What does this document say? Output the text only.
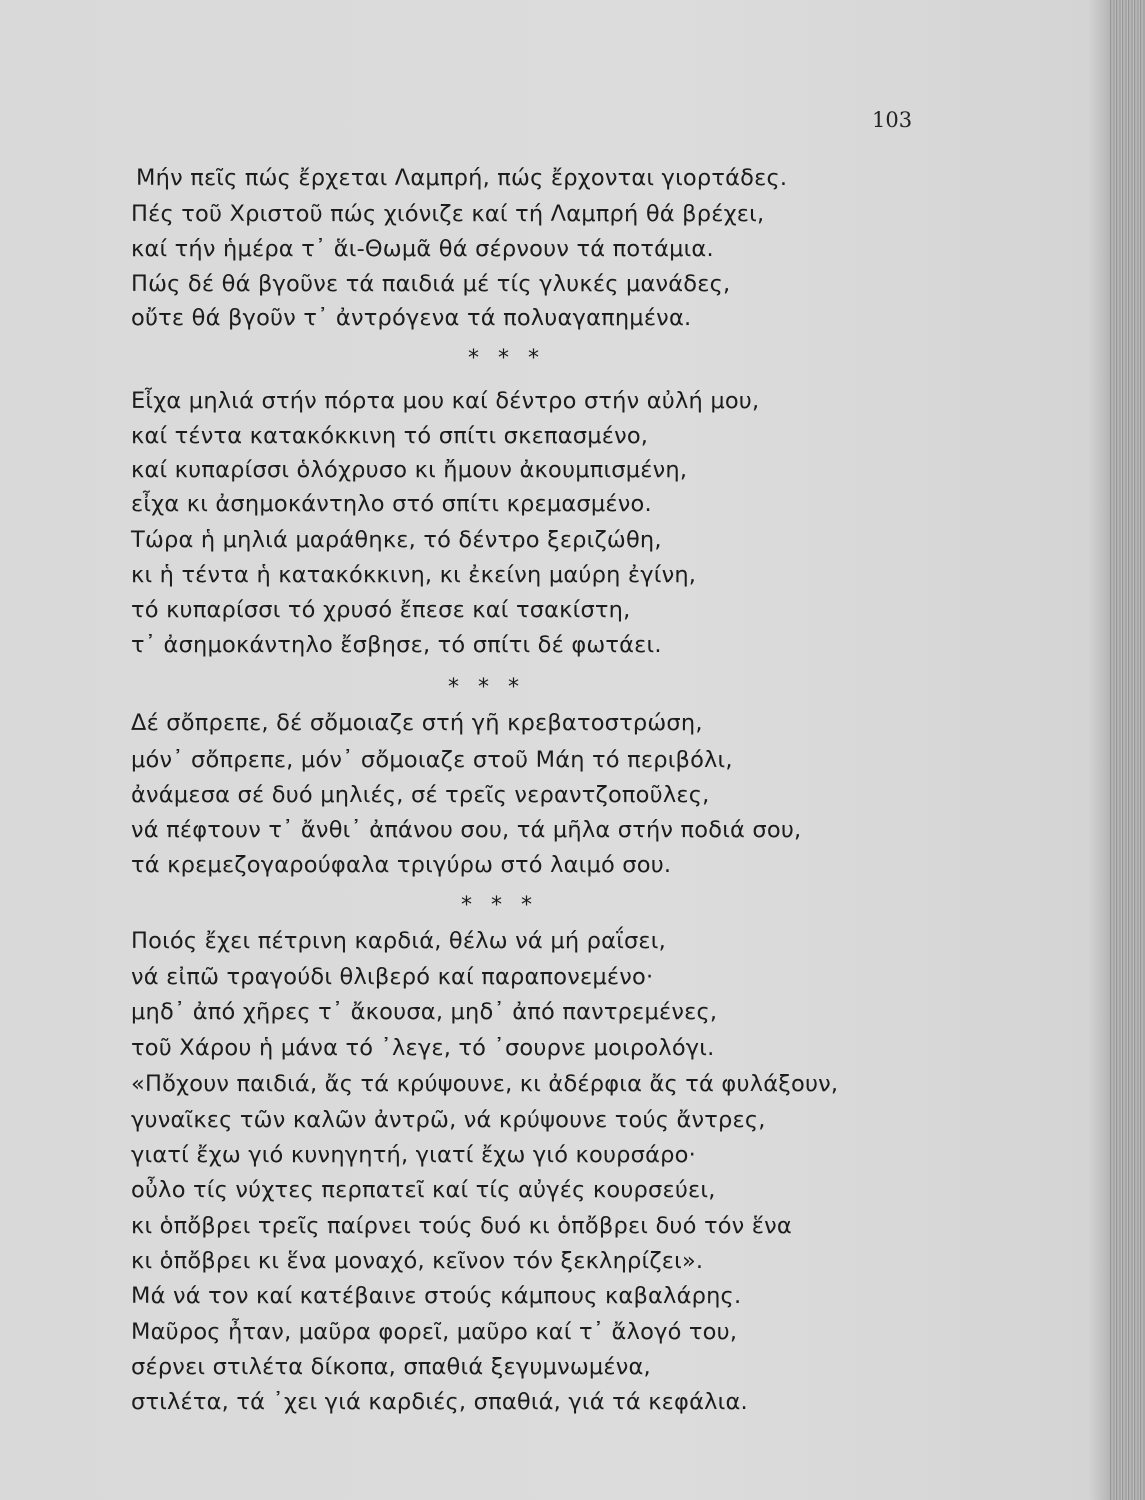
103
Μήν πεῖς πώς ἔρχεται Λαμπρή, πώς ἔρχονται γιορτάδες.
Πές τοῦ Χριστοῦ πώς χιόνιζε καί τή Λαμπρή θά βρέχει,
καί τήν ἡμέρα τ᾽ ἅι-Θωμᾶ θά σέρνουν τά ποτάμια.
Πώς δέ θά βγοῦνε τά παιδιά μέ τίς γλυκές μανάδες,
οὔτε θά βγοῦν τ᾽ ἀντρόγενα τά πολυαγαπημένα.
* * *
Εἶχα μηλιά στήν πόρτα μου καί δέντρο στήν αὐλή μου,
καί τέντα κατακόκκινη τό σπίτι σκεπασμένο,
καί κυπαρίσσι ὁλόχρυσο κι ἤμουν ἀκουμπισμένη,
εἶχα κι ἀσημοκάντηλο στό σπίτι κρεμασμένο.
Τώρα ἡ μηλιά μαράθηκε, τό δέντρο ξεριζώθη,
κι ἡ τέντα ἡ κατακόκκινη, κι ἐκείνη μαύρη ἐγίνη,
τό κυπαρίσσι τό χρυσό ἔπεσε καί τσακίστη,
τ᾽ ἀσημοκάντηλο ἔσβησε, τό σπίτι δέ φωτάει.
* * *
Δέ σὄπρεπε, δέ σὄμοιαζε στή γῆ κρεβατοστρώση,
μόν᾽ σὄπρεπε, μόν᾽ σὄμοιαζε στοῦ Μάη τό περιβόλι,
ἀνάμεσα σέ δυό μηλιές, σέ τρεῖς νεραντζοποῦλες,
νά πέφτουν τ᾽ ἄνθι᾽ ἀπάνου σου, τά μῆλα στήν ποδιά σου,
τά κρεμεζογαρούφαλα τριγύρω στό λαιμό σου.
* * *
Ποιός ἔχει πέτρινη καρδιά, θέλω νά μή ραΐσει,
νά εἰπῶ τραγούδι θλιβερό καί παραπονεμένο·
μηδ᾽ ἀπό χῆρες τ᾽ ἄκουσα, μηδ᾽ ἀπό παντρεμένες,
τοῦ Χάρου ἡ μάνα τό ᾽λεγε, τό ᾽σουρνε μοιρολόγι.
«Πὄχουν παιδιά, ἄς τά κρύψουνε, κι ἀδέρφια ἄς τά φυλάξουν,
γυναῖκες τῶν καλῶν ἀντρῶ, νά κρύψουνε τούς ἄντρες,
γιατί ἔχω γιό κυνηγητή, γιατί ἔχω γιό κουρσάρο·
οὖλο τίς νύχτες περπατεῖ καί τίς αὐγές κουρσεύει,
κι ὁπὄβρει τρεῖς παίρνει τούς δυό κι ὁπὄβρει δυό τόν ἕνα
κι ὁπὄβρει κι ἕνα μοναχό, κεῖνον τόν ξεκληρίζει».
Μά νά τον καί κατέβαινε στούς κάμπους καβαλάρης.
Μαῦρος ἦταν, μαῦρα φορεῖ, μαῦρο καί τ᾽ ἄλογό του,
σέρνει στιλέτα δίκοπα, σπαθιά ξεγυμνωμένα,
στιλέτα, τά ᾽χει γιά καρδιές, σπαθιά, γιά τά κεφάλια.
